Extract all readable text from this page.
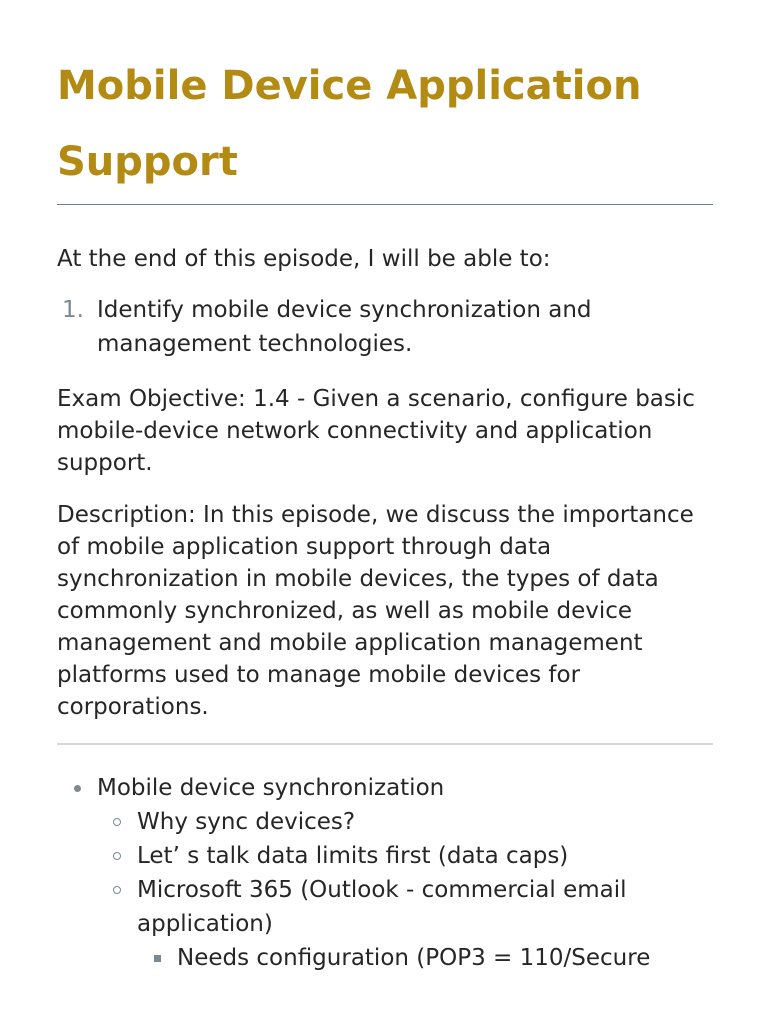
Mobile Device Application Support

At the end of this episode, I will be able to:

1. Identify mobile device synchronization and management technologies.

Exam Objective: 1.4 - Given a scenario, configure basic mobile-device network connectivity and application support.

Description: In this episode, we discuss the importance of mobile application support through data synchronization in mobile devices, the types of data commonly synchronized, as well as mobile device management and mobile application management platforms used to manage mobile devices for corporations.

Mobile device synchronization
Why sync devices?
Let’ s talk data limits first (data caps)
Microsoft 365 (Outlook - commercial email application)
Needs configuration (POP3 = 110/Secure
